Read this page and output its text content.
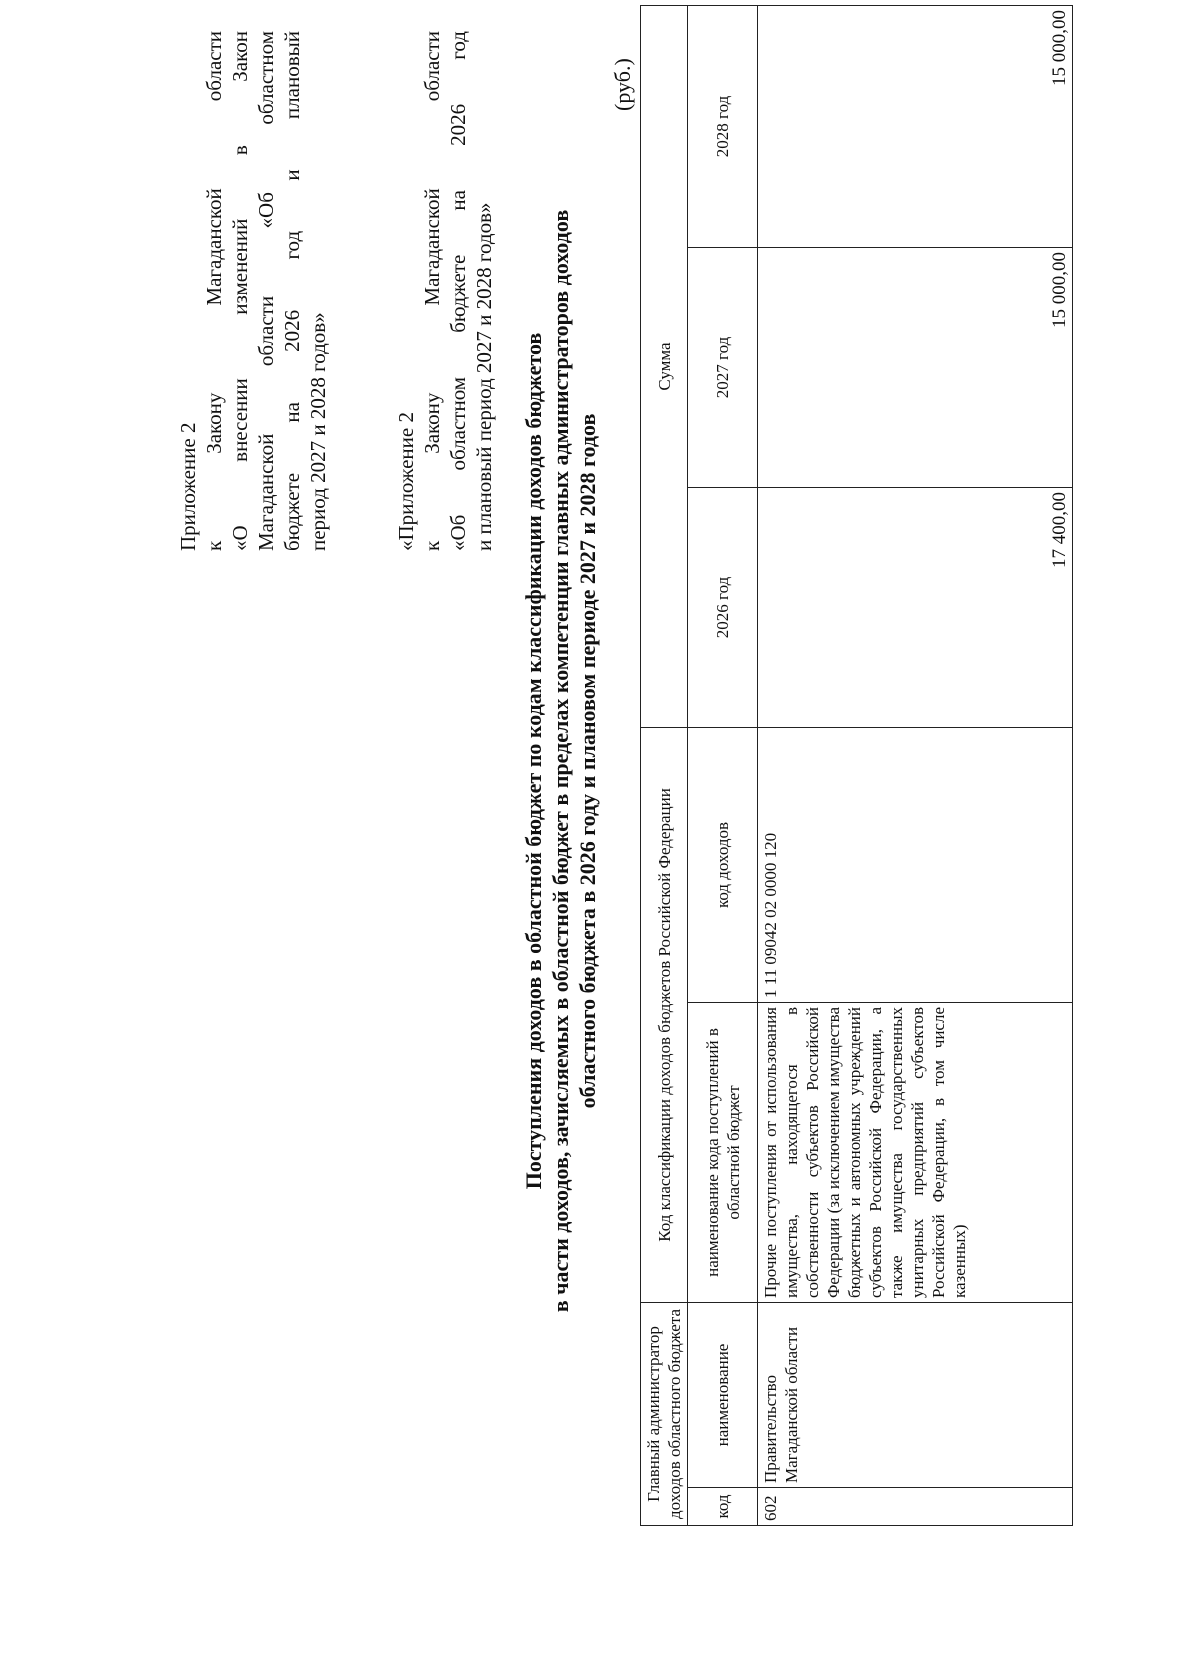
Приложение 2 к
Закону
Магаданской
области
«О
внесении
изменений
в
Закон
Магаданской
области
«Об
областном
бюджете
на
2026
год
и
плановый
период 2027 и 2028 годов»	«Приложение 2 к
Закону
Магаданской
области
«Об
областном
бюджете
на
2026
год
и плановый период 2027 и 2028 годов» Поступления доходов в областной бюджет по кодам классификации доходов бюджетов в части доходов, зачисляемых в областной бюджет в пределах компетенции главных администраторов доходов областного бюджета в 2026 году и плановом периоде 2027 и 2028 годов
(руб.)
Главный администратор доходов областного бюджета		Код классификации доходов бюджетов Российской Федерации		Сумма		
код	наименование	наименование кода поступлений в областной бюджет	код доходов	2026 год	2027 год	2028 год
602	Правительство Магаданской области	Прочие поступления от использования имущества, находящегося в собственности субъектов Российской Федерации (за исключением имущества бюджетных и автономных учреждений субъектов Российской Федерации, а также имущества государственных унитарных предприятий субъектов Российской Федерации, в том числе казенных)	1 11 09042 02 0000 120	17 400,00	15 000,00	15 000,00
